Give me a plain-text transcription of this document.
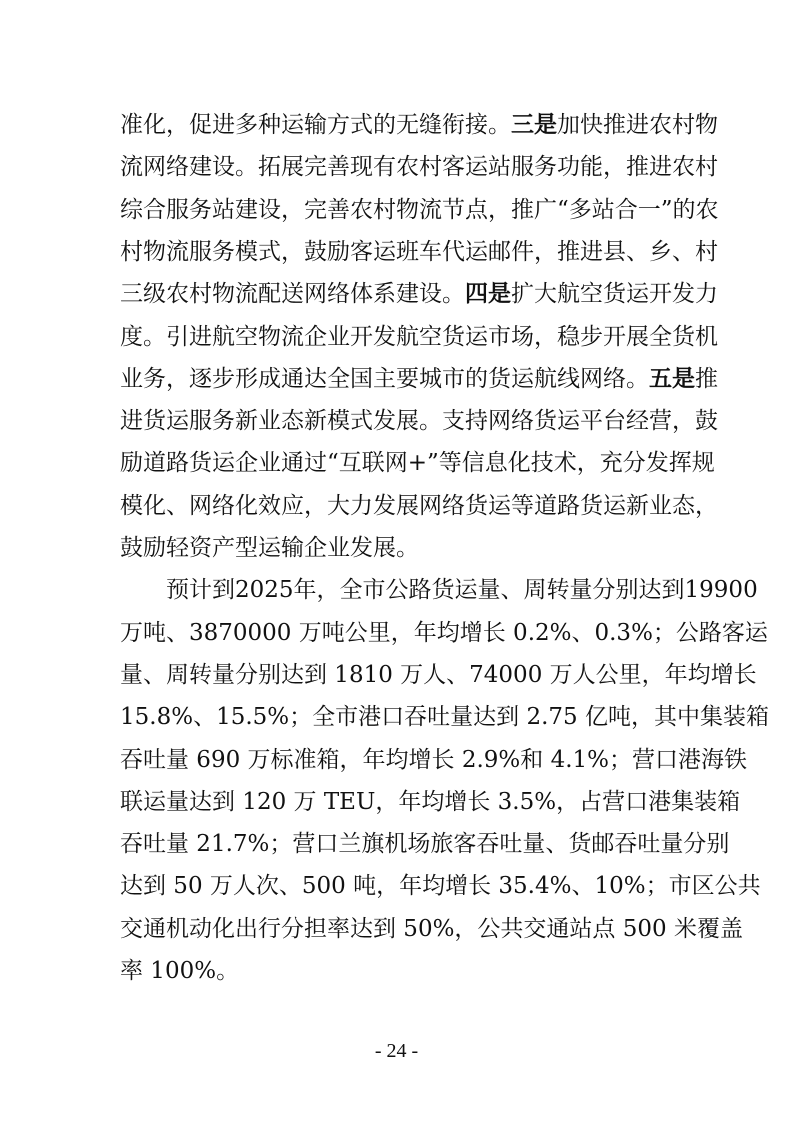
准化，促进多种运输方式的无缝衔接。三是加快推进农村物
流网络建设。拓展完善现有农村客运站服务功能，推进农村
综合服务站建设，完善农村物流节点，推广“多站合一”的农
村物流服务模式，鼓励客运班车代运邮件，推进县、乡、村
三级农村物流配送网络体系建设。四是扩大航空货运开发力
度。引进航空物流企业开发航空货运市场，稳步开展全货机
业务，逐步形成通达全国主要城市的货运航线网络。五是推
进货运服务新业态新模式发展。支持网络货运平台经营，鼓
励道路货运企业通过“互联网+”等信息化技术，充分发挥规
模化、网络化效应，大力发展网络货运等道路货运新业态，
鼓励轻资产型运输企业发展。
预计到2025年，全市公路货运量、周转量分别达到19900
万吨、3870000 万吨公里，年均增长 0.2%、0.3%；公路客运
量、周转量分别达到 1810 万人、74000 万人公里，年均增长
15.8%、15.5%；全市港口吞吐量达到 2.75 亿吨，其中集装箱
吞吐量 690 万标准箱，年均增长 2.9%和 4.1%；营口港海铁
联运量达到 120 万 TEU，年均增长 3.5%，占营口港集装箱
吞吐量 21.7%；营口兰旗机场旅客吞吐量、货邮吞吐量分别
达到 50 万人次、500 吨，年均增长 35.4%、10%；市区公共
交通机动化出行分担率达到 50%，公共交通站点 500 米覆盖
率 100%。
- 24 -
